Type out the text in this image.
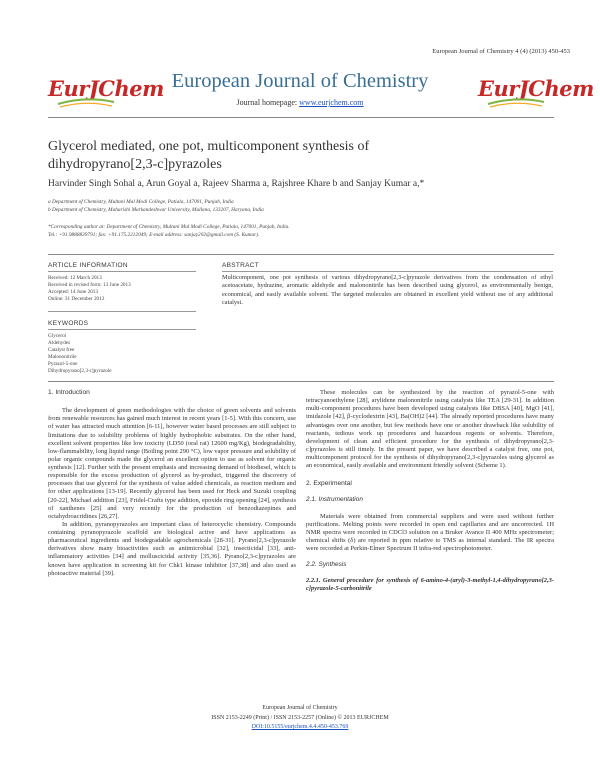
European Journal of Chemistry 4 (4) (2013) 450-453
EurJChem	EurJChem
European Journal of Chemistry
Journal homepage: www.eurjchem.com
Glycerol mediated, one pot, multicomponent synthesis of
dihydropyrano[2,3-c]pyrazoles
Harvinder Singh Sohal a, Arun Goyal a, Rajeev Sharma a, Rajshree Khare b and Sanjay Kumar a,*
a Department of Chemistry, Multani Mal Modi College, Patiala, 147001, Punjab, India
b Department of Chemistry, Maharishi Markandeshwar University, Mullana, 133207, Haryana, India
*Corresponding author at: Department of Chemistry, Multani Mal Modi College, Patiala, 147001, Punjab, India.
Tel.: +91.9888839791; fax: +91.175.2212049; E-mail address: sanjay202@gmail.com (S. Kumar).
ARTICLE INFORMATION
Received: 12 March 2013
Received in revised form: 13 June 2013
Accepted: 14 June 2013
Online: 31 December 2013
KEYWORDS
Glycerol
Aldehydes
Catalyst free
Malononitrile
Pyrazol-5-one
Dihydropyrano[2,3-c]pyrazole
ABSTRACT
Multicomponent, one pot synthesis of various dihydropyrano[2,3-c]pyrazole derivatives from the condensation of ethyl acetoacetate, hydrazine, aromatic aldehyde and malononitrile has been described using glycerol, as environmentally benign, economical, and easily available solvent. The targeted molecules are obtained in excellent yield without use of any additional catalyst.

1. Introduction

The development of green methodologies with the choice of green solvents and solvents from renewable resources has gained much interest in recent years [1-5]. With this concern, use of water has attracted much attention [6-11], however water based processes are still subject to limitations due to solubility problems of highly hydrophobic substrates. On the other hand, excellent solvent properties like low toxicity (LD50 (oral rat) 12600 mg/Kg), biodegradability, low-flammability, long liquid range (Boiling point 290 °C), low vapor pressure and solubility of polar organic compounds made the glycerol an excellent option to use as solvent for organic synthesis [12]. Further with the present emphasis and increasing demand of biodiesel, which is responsible for the excess production of glycerol as by-product, triggered the discovery of processes that use glycerol for the synthesis of value added chemicals, as reaction medium and for other applications [13-19]. Recently glycerol has been used for Heck and Suzuki coupling [20-22], Michael addition [23], Fridel-Crafts type addition, epoxide ring opening [24], synthesis of xanthenes [25] and very recently for the production of benzodiazepines and octahydroacridines [26,27].

In addition, pyranopyrazoles are important class of heterocyclic chemistry. Compounds containing pyranopyrazole scaffold are biological active and have applications as pharmaceutical ingredients and biodegradable agrochemicals [28-31]. Pyrano[2,3-c]pyrazole derivatives show many bioactivities such as antimicrobial [32], insecticidal [33], anti-inflammatory activities [34] and molluscicidal activity [35,36]. Pyrano[2,3-c]pyrazoles are known have application in screening kit for Chk1 kinase inhibitor [37,38] and also used as photoactive material [39].

These molecules can be synthesized by the reaction of pyrazol-5-one with tetracyanoethylene [28], arylidene malononitrile using catalysts like TEA [29-31]. In addition multi-component procedures have been developed using catalysts like DBSA [40], MgO [41], imidazole [42], β-cyclodextrin [43], Ba(OH)2 [44]. The already reported procedures have many advantages over one another, but few methods have one or another drawback like solubility of reactants, tedious work up procedures and hazardous regents or solvents. Therefore, development of clean and efficient procedure for the synthesis of dihydropyrano[2,3-c]pyrazoles is still timely. In the present paper, we have described a catalyst free, one pot, multicomponent protocol for the synthesis of dihydropyrano[2,3-c]pyrazoles using glycerol as an economical, easily available and environment friendly solvent (Scheme 1).

2. Experimental

2.1. Instrumentation

Materials were obtained from commercial suppliers and were used without further purifications. Melting points were recorded in open end capillaries and are uncorrected. 1H NMR spectra were recorded in CDCl3 solution on a Bruker Avance II 400 MHz spectrometer; chemical shifts (δ) are reported in ppm relative to TMS as internal standard. The IR spectra were recorded at Perkin-Elmer Spectrum II infra-red spectrophotometer.

2.2. Synthesis

2.2.1. General procedure for synthesis of 6-amino-4-(aryl)-3-methyl-1,4-dihydropyrano[2,3-c]pyrazole-5-carbonitrile

European Journal of Chemistry
ISSN 2153-2249 (Print) / ISSN 2153-2257 (Online) © 2013 EURJCHEM
DOI:10.5155/eurjchem.4.4.450-453.769
